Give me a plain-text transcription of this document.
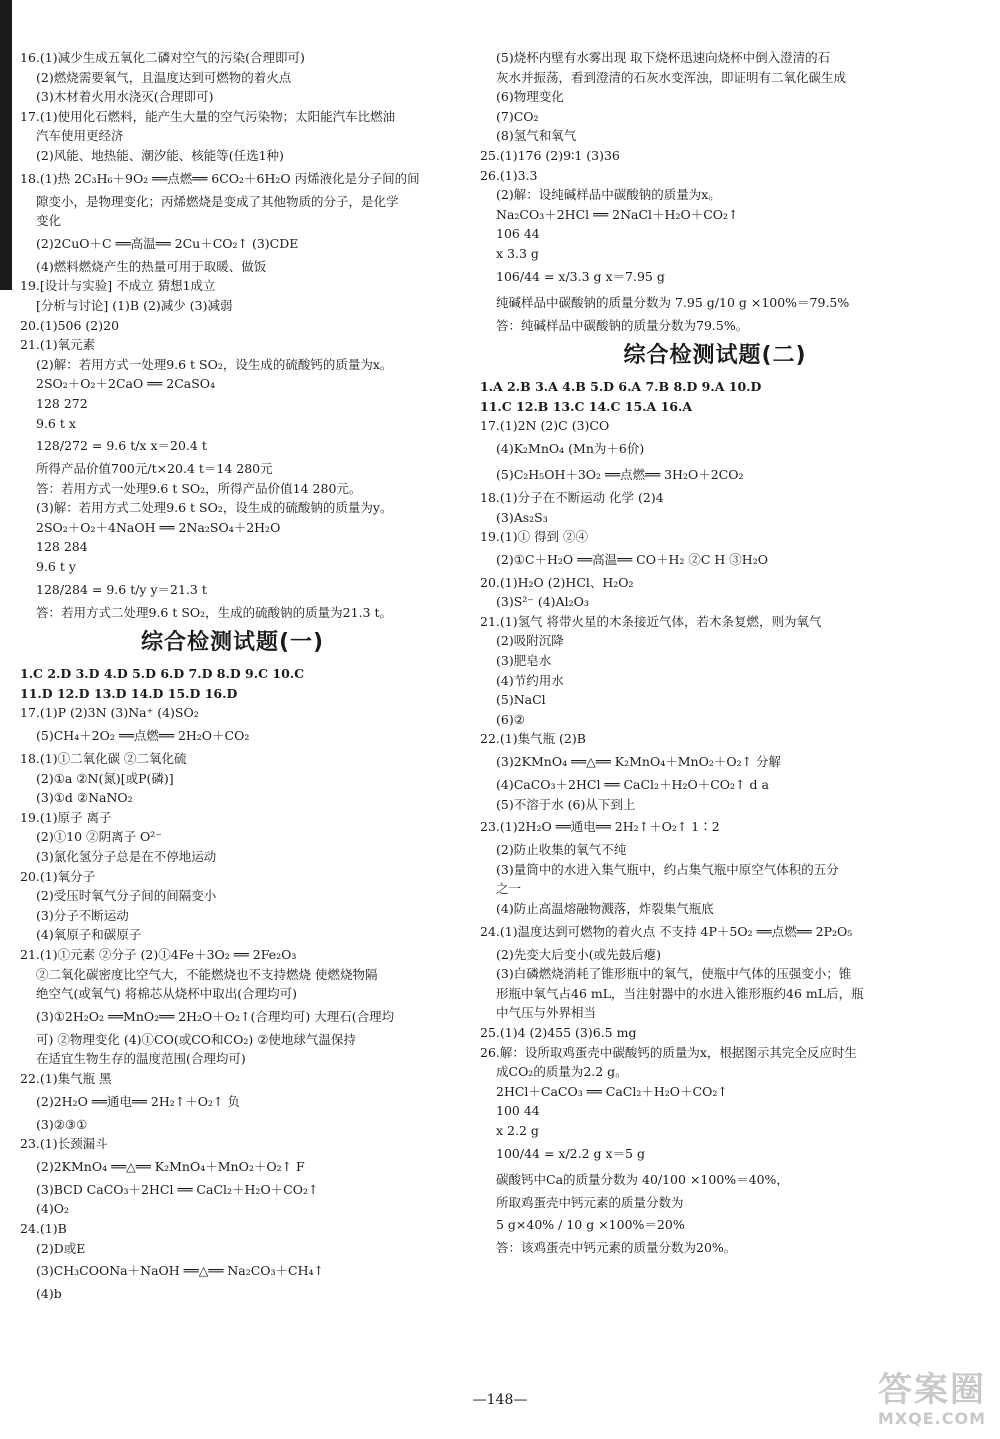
16.(1)减少生成五氧化二磷对空气的污染(合理即可)
(2)燃烧需要氧气，且温度达到可燃物的着火点
(3)木材着火用水浇灭(合理即可)
17.(1)使用化石燃料，能产生大量的空气污染物；太阳能汽车比燃油
汽车使用更经济
(2)风能、地热能、潮汐能、核能等(任选1种)
18.(1)热 2C₃H₆＋9O₂ ══点燃══ 6CO₂＋6H₂O 丙烯液化是分子间的间
隙变小，是物理变化；丙烯燃烧是变成了其他物质的分子，是化学
变化
(2)2CuO＋C ══高温══ 2Cu＋CO₂↑ (3)CDE
(4)燃料燃烧产生的热量可用于取暖、做饭
19.[设计与实验] 不成立 猜想1成立
[分析与讨论] (1)B (2)减少 (3)减弱
20.(1)506 (2)20
21.(1)氧元素
(2)解：若用方式一处理9.6 t SO₂，设生成的硫酸钙的质量为x。
2SO₂＋O₂＋2CaO ══ 2CaSO₄
128 272
9.6 t x
128/272 = 9.6 t/x x＝20.4 t
所得产品价值700元/t×20.4 t＝14 280元
答：若用方式一处理9.6 t SO₂，所得产品价值14 280元。
(3)解：若用方式二处理9.6 t SO₂，设生成的硫酸钠的质量为y。
2SO₂＋O₂＋4NaOH ══ 2Na₂SO₄＋2H₂O
128 284
9.6 t y
128/284 = 9.6 t/y y＝21.3 t
答：若用方式二处理9.6 t SO₂，生成的硫酸钠的质量为21.3 t。
综合检测试题(一)
1.C 2.D 3.D 4.D 5.D 6.D 7.D 8.D 9.C 10.C
11.D 12.D 13.D 14.D 15.D 16.D
17.(1)P (2)3N (3)Na⁺ (4)SO₂
(5)CH₄＋2O₂ ══点燃══ 2H₂O＋CO₂
18.(1)①二氧化碳 ②二氧化硫
(2)①a ②N(氮)[或P(磷)]
(3)①d ②NaNO₂
19.(1)原子 离子
(2)①10 ②阴离子 O²⁻
(3)氯化氢分子总是在不停地运动
20.(1)氧分子
(2)受压时氧气分子间的间隔变小
(3)分子不断运动
(4)氧原子和碳原子
21.(1)①元素 ②分子 (2)①4Fe＋3O₂ ══ 2Fe₂O₃
②二氧化碳密度比空气大，不能燃烧也不支持燃烧 使燃烧物隔
绝空气(或氧气) 将棉芯从烧杯中取出(合理均可)
(3)①2H₂O₂ ══MnO₂══ 2H₂O＋O₂↑(合理均可) 大理石(合理均
可) ②物理变化 (4)①CO(或CO和CO₂) ②使地球气温保持
在适宜生物生存的温度范围(合理均可)
22.(1)集气瓶 黑
(2)2H₂O ══通电══ 2H₂↑＋O₂↑ 负
(3)②③①
23.(1)长颈漏斗
(2)2KMnO₄ ══△══ K₂MnO₄＋MnO₂＋O₂↑ F
(3)BCD CaCO₃＋2HCl ══ CaCl₂＋H₂O＋CO₂↑
(4)O₂
24.(1)B
(2)D或E
(3)CH₃COONa＋NaOH ══△══ Na₂CO₃＋CH₄↑
(4)b
(5)烧杯内壁有水雾出现 取下烧杯迅速向烧杯中倒入澄清的石
灰水并振荡，看到澄清的石灰水变浑浊，即证明有二氧化碳生成
(6)物理变化
(7)CO₂
(8)氢气和氧气
25.(1)176 (2)9∶1 (3)36
26.(1)3.3
(2)解：设纯碱样品中碳酸钠的质量为x。
Na₂CO₃＋2HCl ══ 2NaCl＋H₂O＋CO₂↑
106 44
x 3.3 g
106/44 = x/3.3 g x＝7.95 g
纯碱样品中碳酸钠的质量分数为 7.95 g/10 g ×100%＝79.5%
答：纯碱样品中碳酸钠的质量分数为79.5%。
综合检测试题(二)
1.A 2.B 3.A 4.B 5.D 6.A 7.B 8.D 9.A 10.D
11.C 12.B 13.C 14.C 15.A 16.A
17.(1)2N (2)C (3)CO
(4)K₂MnO₄ (Mn为＋6价)
(5)C₂H₅OH＋3O₂ ══点燃══ 3H₂O＋2CO₂
18.(1)分子在不断运动 化学 (2)4
(3)As₂S₃
19.(1)① 得到 ②④
(2)①C＋H₂O ══高温══ CO＋H₂ ②C H ③H₂O
20.(1)H₂O (2)HCl、H₂O₂
(3)S²⁻ (4)Al₂O₃
21.(1)氢气 将带火星的木条接近气体，若木条复燃，则为氧气
(2)吸附沉降
(3)肥皂水
(4)节约用水
(5)NaCl
(6)②
22.(1)集气瓶 (2)B
(3)2KMnO₄ ══△══ K₂MnO₄＋MnO₂＋O₂↑ 分解
(4)CaCO₃＋2HCl ══ CaCl₂＋H₂O＋CO₂↑ d a
(5)不溶于水 (6)从下到上
23.(1)2H₂O ══通电══ 2H₂↑＋O₂↑ 1∶2
(2)防止收集的氧气不纯
(3)量筒中的水进入集气瓶中，约占集气瓶中原空气体积的五分
之一
(4)防止高温熔融物溅落，炸裂集气瓶底
24.(1)温度达到可燃物的着火点 不支持 4P＋5O₂ ══点燃══ 2P₂O₅
(2)先变大后变小(或先鼓后瘪)
(3)白磷燃烧消耗了锥形瓶中的氧气，使瓶中气体的压强变小；锥
形瓶中氧气占46 mL，当注射器中的水进入锥形瓶约46 mL后，瓶
中气压与外界相当
25.(1)4 (2)455 (3)6.5 mg
26.解：设所取鸡蛋壳中碳酸钙的质量为x，根据图示其完全反应时生
成CO₂的质量为2.2 g。
2HCl＋CaCO₃ ══ CaCl₂＋H₂O＋CO₂↑
100 44
x 2.2 g
100/44 = x/2.2 g x＝5 g
碳酸钙中Ca的质量分数为 40/100 ×100%＝40%，
所取鸡蛋壳中钙元素的质量分数为
5 g×40% / 10 g ×100%＝20%
答：该鸡蛋壳中钙元素的质量分数为20%。
—148—	答案圈
MXQE.COM
